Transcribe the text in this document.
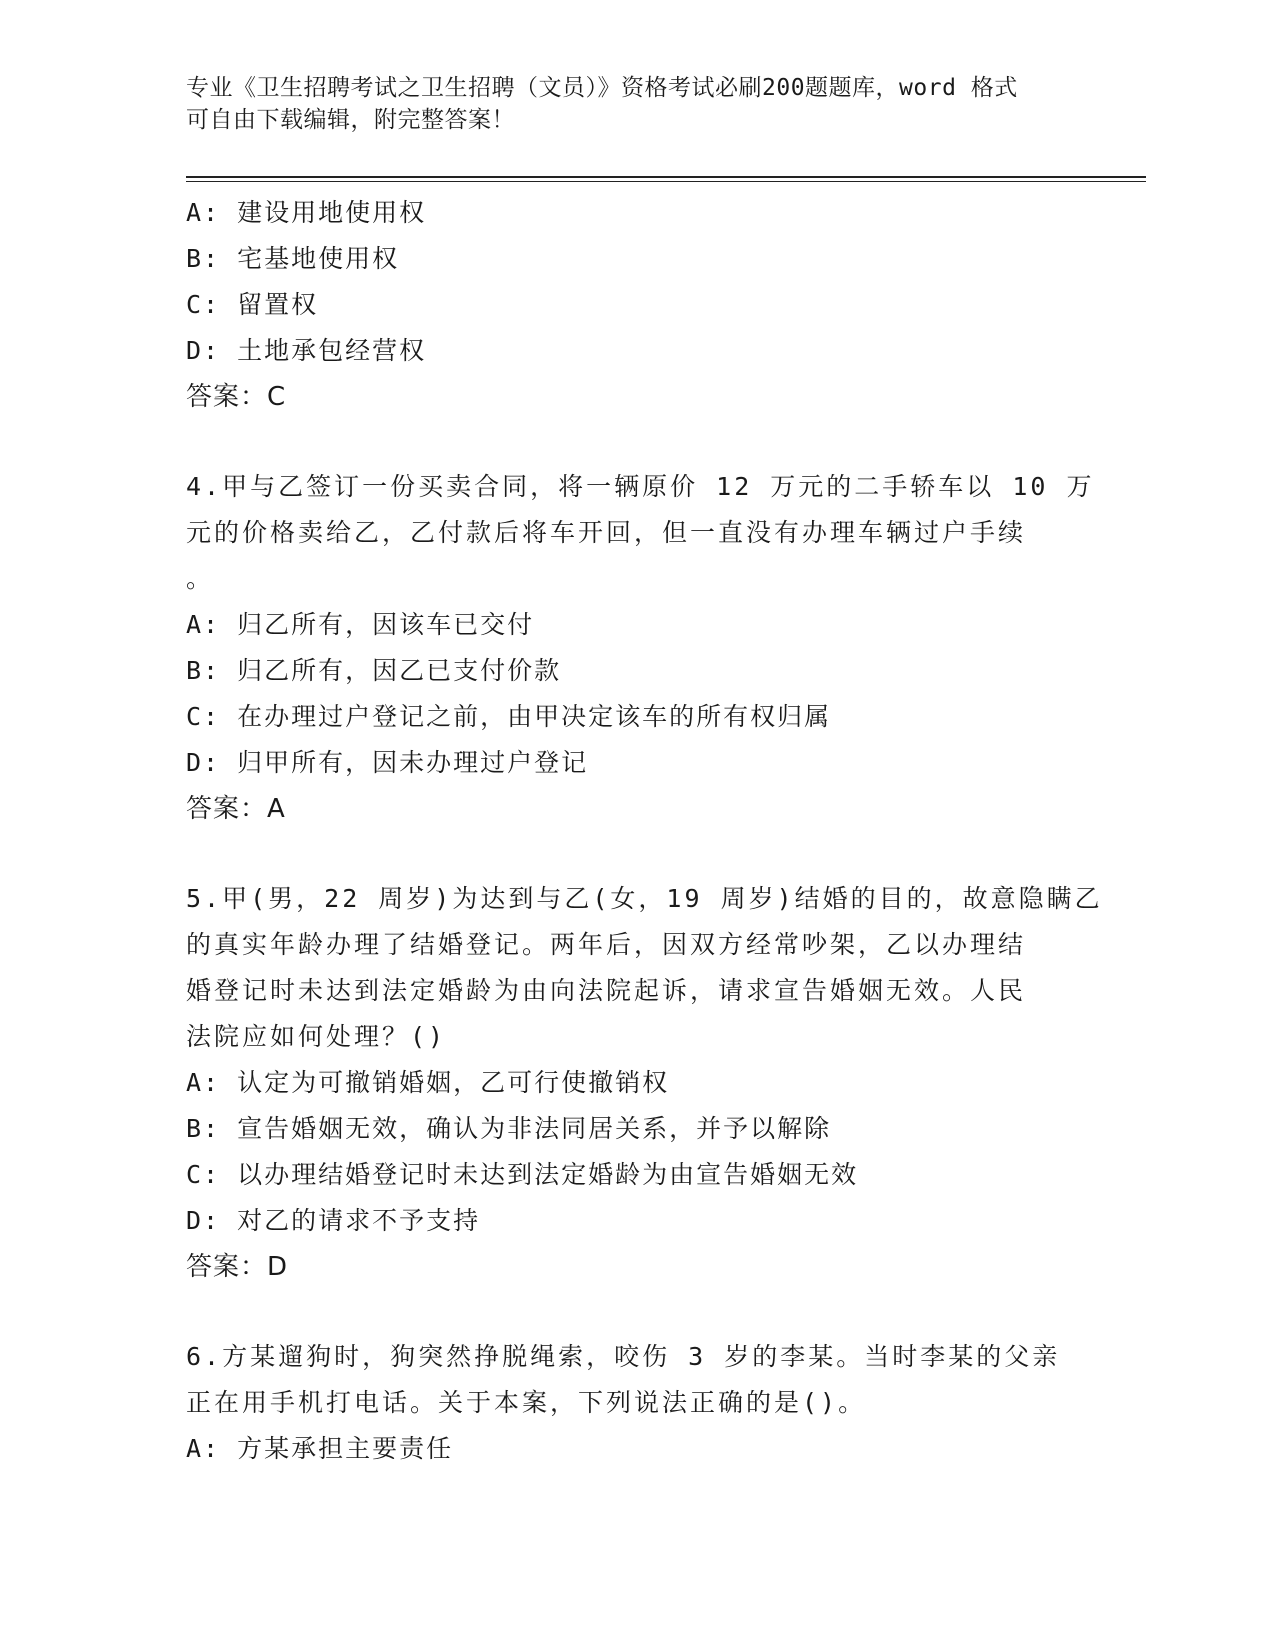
专业《卫生招聘考试之卫生招聘（文员）》资格考试必刷200题题库，word 格式
可自由下载编辑，附完整答案！
A: 建设用地使用权
B: 宅基地使用权
C: 留置权
D: 土地承包经营权
答案：C
4.甲与乙签订一份买卖合同，将一辆原价 12 万元的二手轿车以 10 万
元的价格卖给乙，乙付款后将车开回，但一直没有办理车辆过户手续
。
A: 归乙所有，因该车已交付
B: 归乙所有，因乙已支付价款
C: 在办理过户登记之前，由甲决定该车的所有权归属
D: 归甲所有，因未办理过户登记
答案：A
5.甲(男，22 周岁)为达到与乙(女，19 周岁)结婚的目的，故意隐瞒乙
的真实年龄办理了结婚登记。两年后，因双方经常吵架，乙以办理结
婚登记时未达到法定婚龄为由向法院起诉，请求宣告婚姻无效。人民
法院应如何处理？()
A: 认定为可撤销婚姻，乙可行使撤销权
B: 宣告婚姻无效，确认为非法同居关系，并予以解除
C: 以办理结婚登记时未达到法定婚龄为由宣告婚姻无效
D: 对乙的请求不予支持
答案：D
6.方某遛狗时，狗突然挣脱绳索，咬伤 3 岁的李某。当时李某的父亲
正在用手机打电话。关于本案，下列说法正确的是()。
A: 方某承担主要责任
